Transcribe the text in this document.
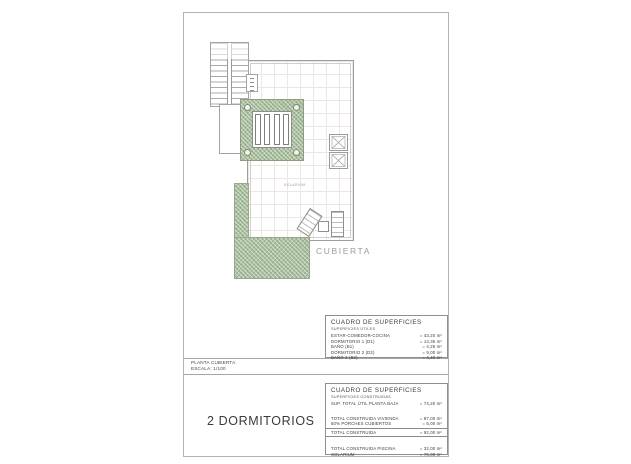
SOLARIUM
CUBIERTA
PLANTA CUBIERTA.
ESCALA: 1/100
2 DORMITORIOS
CUADRO DE SUPERFICIES
SUPERFICIES ÚTILES
ESTAR-COMEDOR-COCINA	= 43,20 m²
DORMITORIO 1 (D1)	= 13,35 m²
BAÑO (B1)	= 4,25 m²
DORMITORIO 2 (D2)	= 9,00 m²
BAÑO 2 (B2)	= 4,40 m²
CUADRO DE SUPERFICIES
SUPERFICIES CONSTRUIDAS
SUP. TOTAL ÚTIL PLANTA BAJA	= 74,20 m²
TOTAL CONSTRUIDA VIVIENDA	= 87,00 m²
50% PORCHES CUBIERTOS	= 5,00 m²
TOTAL CONSTRUIDA	= 92,00 m²
TOTAL CONSTRUIDA PISCINA	= 32,00 m²
SOLARIUM	= 76,00 m²
